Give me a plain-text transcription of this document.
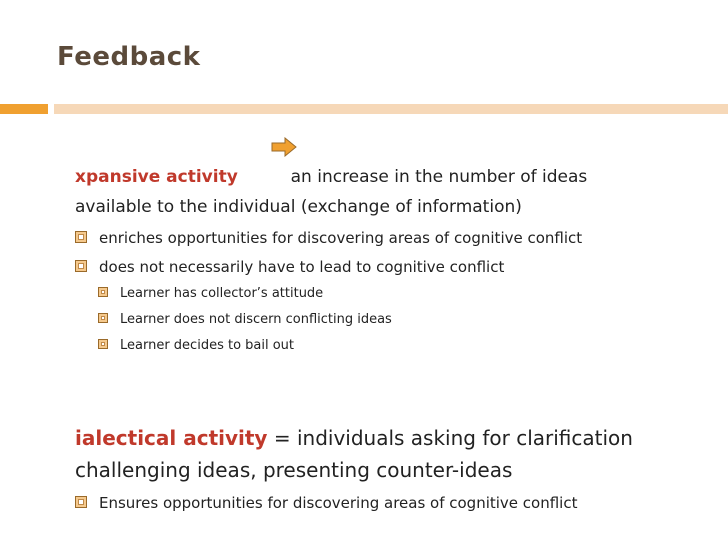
Feedback
xpansive activity	an increase in the number of ideas
available to the individual (exchange of information)
enriches opportunities for discovering areas of cognitive conflict
does not necessarily have to lead to cognitive conflict
Learner has collector’s attitude
Learner does not discern conflicting ideas
Learner decides to bail out
ialectical activity = individuals asking for clarification
challenging ideas, presenting counter-ideas
Ensures opportunities for discovering areas of cognitive conflict
